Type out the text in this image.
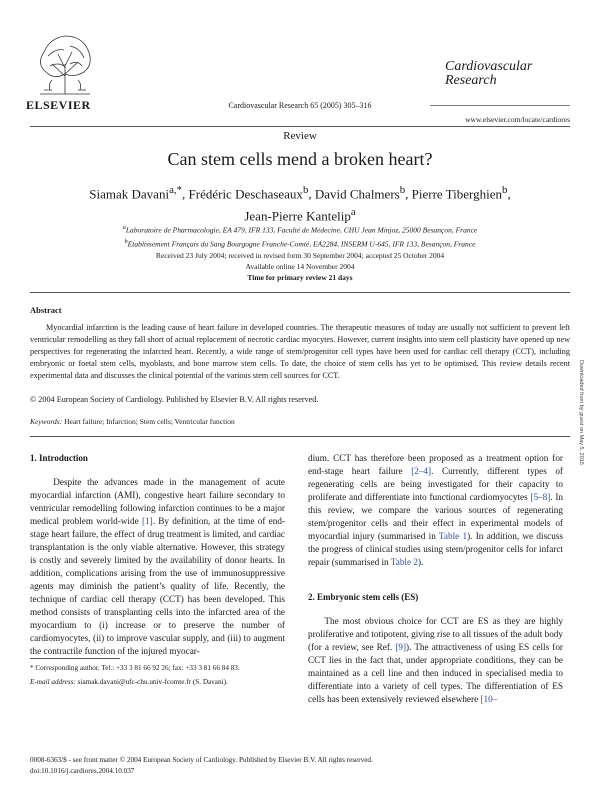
ELSEVIER	Cardiovascular Research 65 (2005) 305–316
Cardiovascular
Research
www.elsevier.com/locate/cardiores
Review
Can stem cells mend a broken heart?
Siamak Davani$^{a,*}$, Frédéric Deschaseaux$^b$, David Chalmers$^b$, Pierre Tiberghien$^b$,
Jean-Pierre Kantelip$^a$
$^a$Laboratoire de Pharmacologie, EA 479, IFR 133, Faculté de Médecine, CHU Jean Minjoz, 25000 Besançon, France
$^b$Etablissement Français du Sang Bourgogne Franche-Comté, EA2284, INSERM U-645, IFR 133, Besançon, France
Received 23 July 2004; received in revised form 30 September 2004; accepted 25 October 2004
Available online 14 November 2004
Time for primary review 21 days
Abstract

Myocardial infarction is the leading cause of heart failure in developed countries. The therapeutic measures of today are usually not sufficient to prevent left ventricular remodelling as they fall short of actual replacement of necrotic cardiac myocytes. However, current insights into stem cell plasticity have opened up new perspectives for regenerating the infarcted heart. Recently, a wide range of stem/progenitor cell types have been used for cardiac cell therapy (CCT), including embryonic or foetal stem cells, myoblasts, and bone marrow stem cells. To date, the choice of stem cells has yet to be optimised. This review details recent experimental data and discusses the clinical potential of the various stem cell sources for CCT.

© 2004 European Society of Cardiology. Published by Elsevier B.V. All rights reserved.
Keywords: Heart failure; Infarction; Stem cells; Ventricular function	Downloaded from by guest on May 5, 2015

1. Introduction

Despite the advances made in the management of acute myocardial infarction (AMI), congestive heart failure secondary to ventricular remodelling following infarction continues to be a major medical problem world-wide [1]. By definition, at the time of end-stage heart failure, the effect of drug treatment is limited, and cardiac transplantation is the only viable alternative. However, this strategy is costly and severely limited by the availability of donor hearts. In addition, complications arising from the use of immunosuppressive agents may diminish the patient’s quality of life. Recently, the technique of cardiac cell therapy (CCT) has been developed. This method consists of transplanting cells into the infarcted area of the myocardium to (i) increase or to preserve the number of cardiomyocytes, (ii) to improve vascular supply, and (iii) to augment the contractile function of the injured myocar-

dium. CCT has therefore been proposed as a treatment option for end-stage heart failure [2–4]. Currently, different types of regenerating cells are being investigated for their capacity to proliferate and differentiate into functional cardiomyocytes [5–8]. In this review, we compare the various sources of regenerating stem/progenitor cells and their effect in experimental models of myocardial injury (summarised in Table 1). In addition, we discuss the progress of clinical studies using stem/progenitor cells for infarct repair (summarised in Table 2).

2. Embryonic stem cells (ES)

The most obvious choice for CCT are ES as they are highly proliferative and totipotent, giving rise to all tissues of the adult body (for a review, see Ref. [9]). The attractiveness of using ES cells for CCT lies in the fact that, under appropriate conditions, they can be maintained as a cell line and then induced in specialised media to differentiate into a variety of cell types. The differentiation of ES cells has been extensively reviewed elsewhere [10–

* Corresponding author. Tel.: +33 3 81 66 92 26; fax: +33 3 81 66 84 83.
E-mail address: siamak.davani@ufc-chu.univ-fcomte.fr (S. Davani).
0008-6363/$ - see front matter © 2004 European Society of Cardiology. Published by Elsevier B.V. All rights reserved.
doi:10.1016/j.cardiores.2004.10.037
